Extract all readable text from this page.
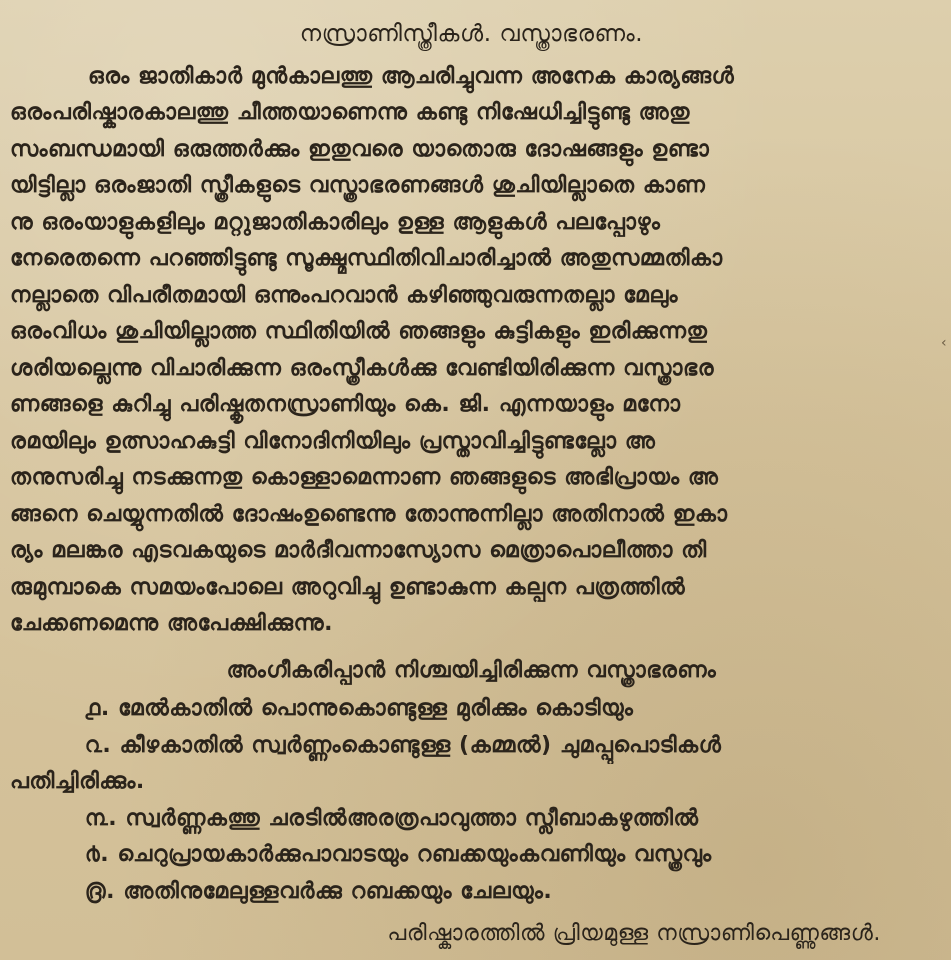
നസ്രാണിസ്ത്രീകൾ. വസ്ത്രാഭരണം.
ഒരം ജാതികാർ മുൻകാലത്തു ആചരിച്ചുവന്ന അനേക കാര്യങ്ങൾ
ഒരംപരിഷ്കാരകാലത്തു ചീത്തയാണെന്നു കണ്ടു നിഷേധിച്ചിട്ടുണ്ടു അതു
സംബന്ധമായി ഒരുത്തർക്കും ഇതുവരെ യാതൊരു ദോഷങ്ങളും ഉണ്ടാ
യിട്ടില്ലാ ഒരംജാതി സ്ത്രീകളുടെ വസ്ത്രാഭരണങ്ങൾ ശുചിയില്ലാതെ കാണ
നു ഒരംയാളുകളിലും മറ്റുജാതികാരിലും ഉള്ള ആളുകൾ പലപ്പോഴും
നേരെതന്നെ പറഞ്ഞിട്ടുണ്ടു സൂക്ഷ്മസ്ഥിതിവിചാരിച്ചാൽ അതുസമ്മതികാ
നല്ലാതെ വിപരീതമായി ഒന്നുംപറവാൻ കഴിഞ്ഞുവരുന്നതല്ലാ മേലും
ഒരംവിധം ശുചിയില്ലാത്ത സ്ഥിതിയിൽ ഞങ്ങളും കുട്ടികളും ഇരിക്കുന്നതു
ശരിയല്ലെന്നു വിചാരിക്കുന്ന ഒരംസ്ത്രീകൾക്കു വേണ്ടിയിരിക്കുന്ന വസ്ത്രാഭര
ണങ്ങളെ കുറിച്ചു പരിഷ്കൃതനസ്രാണിയും കെ. ജി. എന്നയാളും മനോ
രമയിലും ഉത്സാഹകുട്ടി വിനോദിനിയിലും പ്രസ്താവിച്ചിട്ടുണ്ടല്ലോ അ
തനുസരിച്ചു നടക്കുന്നതു കൊള്ളാമെന്നാണ ഞങ്ങളുടെ അഭിപ്രായം അ
ങ്ങനെ ചെയ്യുന്നതിൽ ദോഷംഉണ്ടെന്നു തോന്നുന്നില്ലാ അതിനാൽ ഇകാ
ര്യം മലങ്കര എടവകയുടെ മാർദീവന്നാസ്യോസ മെത്രാപൊലീത്താ തി
രുമുമ്പാകെ സമയംപോലെ അറുവിച്ചു ഉണ്ടാകുന്ന കല്പന പത്രത്തിൽ
ചേക്കണമെന്നു അപേക്ഷിക്കുന്നു.
അംഗീകരിപ്പാൻ നിശ്ചയിച്ചിരിക്കുന്ന വസ്ത്രാഭരണം
൧. മേൽകാതിൽ പൊന്നുകൊണ്ടുള്ള മുരിക്കും കൊടിയും
൨. കീഴകാതിൽ സ്വർണ്ണംകൊണ്ടുള്ള (കമ്മൽ) ചുമപ്പുപൊടികൾ
പതിച്ചിരിക്കും.
൩. സ്വർണ്ണകത്തു ചരടിൽഅരത്രപാവുത്താ സ്ലീബാകഴുത്തിൽ
൪. ചെറുപ്രായകാർക്കുപാവാടയും റബക്കയുംകവണിയും വസ്ത്രവും
൫. അതിനുമേലുള്ളവർക്കു റബക്കയും ചേലയും.
പരിഷ്കാരത്തിൽ പ്രിയമുള്ള നസ്രാണിപെണ്ണുങ്ങൾ.
‹
